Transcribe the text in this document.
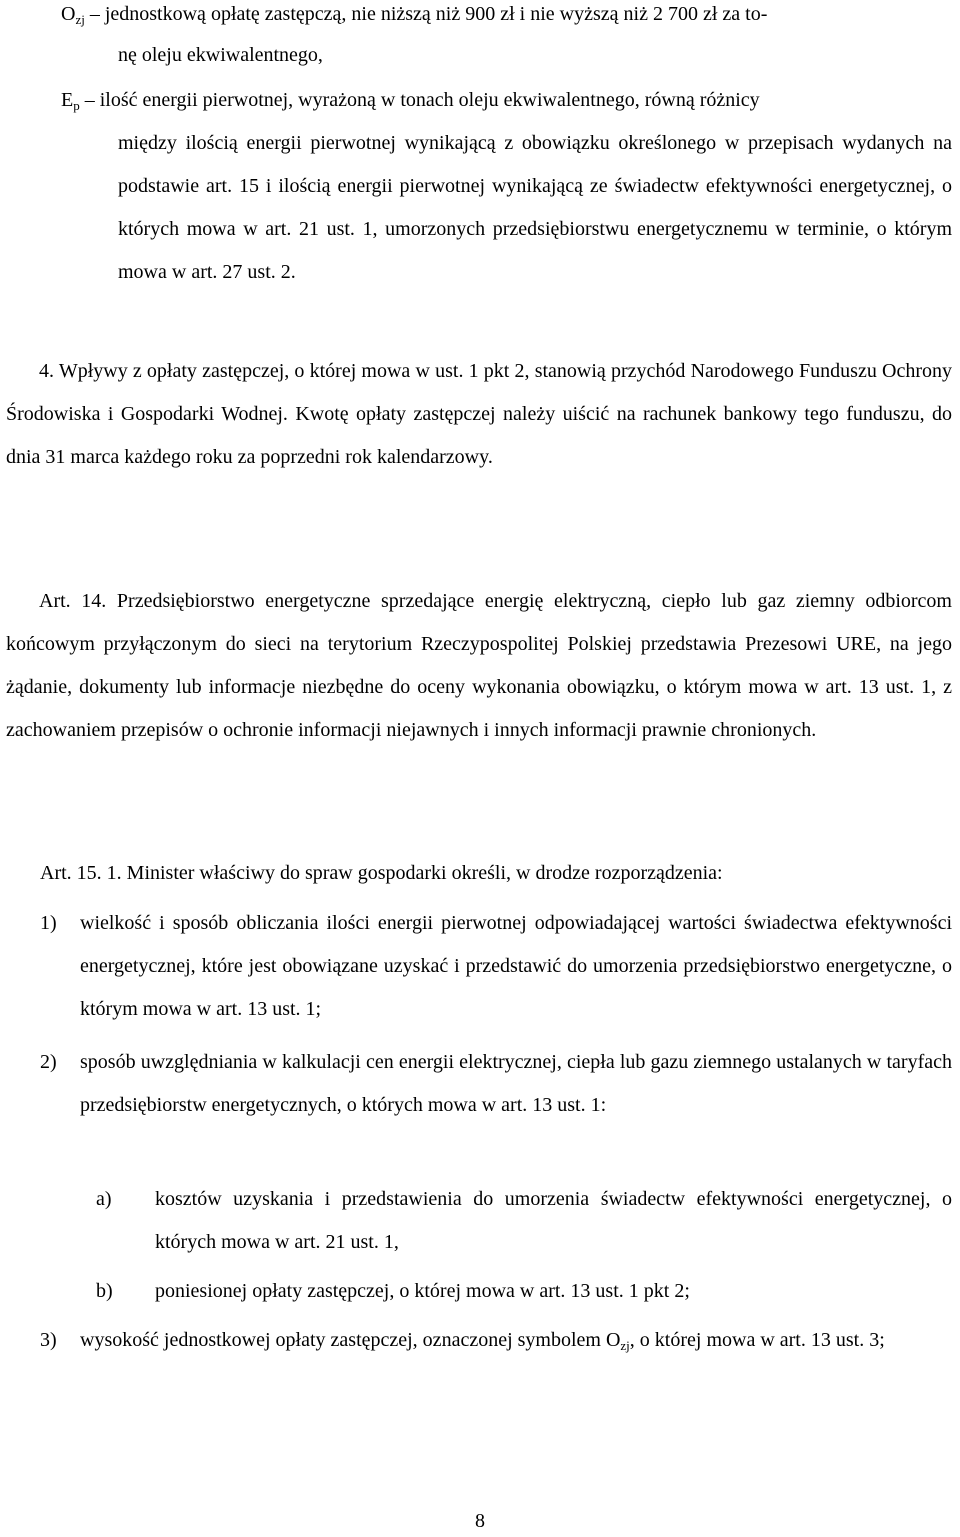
$O_{zj}$ – jednostkową opłatę zastępczą, nie niższą niż 900 zł i nie wyższą niż 2 700 zł za to-
nę oleju ekwiwalentnego,
$E_p$ – ilość energii pierwotnej, wyrażoną w tonach oleju ekwiwalentnego, równą różnicy
między ilością energii pierwotnej wynikającą z obowiązku określonego w przepisach wydanych na podstawie art. 15 i ilością energii pierwotnej wynikającą ze świadectw efektywności energetycznej, o których mowa w art. 21 ust. 1, umorzonych przedsiębiorstwu energetycznemu w terminie, o którym mowa w art. 27 ust. 2.
4. Wpływy z opłaty zastępczej, o której mowa w ust. 1 pkt 2, stanowią przychód Narodowego Funduszu Ochrony Środowiska i Gospodarki Wodnej. Kwotę opłaty zastępczej należy uiścić na rachunek bankowy tego funduszu, do dnia 31 marca każdego roku za poprzedni rok kalendarzowy.
Art. 14. Przedsiębiorstwo energetyczne sprzedające energię elektryczną, ciepło lub gaz ziemny odbiorcom końcowym przyłączonym do sieci na terytorium Rzeczypospolitej Polskiej przedstawia Prezesowi URE, na jego żądanie, dokumenty lub informacje niezbędne do oceny wykonania obowiązku, o którym mowa w art. 13 ust. 1, z zachowaniem przepisów o ochronie informacji niejawnych i innych informacji prawnie chronionych.
Art. 15. 1. Minister właściwy do spraw gospodarki określi, w drodze rozporządzenia:
1) wielkość i sposób obliczania ilości energii pierwotnej odpowiadającej wartości świadectwa efektywności energetycznej, które jest obowiązane uzyskać i przedstawić do umorzenia przedsiębiorstwo energetyczne, o którym mowa w art. 13 ust. 1;
2) sposób uwzględniania w kalkulacji cen energii elektrycznej, ciepła lub gazu ziemnego ustalanych w taryfach przedsiębiorstw energetycznych, o których mowa w art. 13 ust. 1:
a) kosztów uzyskania i przedstawienia do umorzenia świadectw efektywności energetycznej, o których mowa w art. 21 ust. 1,
b) poniesionej opłaty zastępczej, o której mowa w art. 13 ust. 1 pkt 2;
3) wysokość jednostkowej opłaty zastępczej, oznaczonej symbolem $O_{zj}$, o której mowa w art. 13 ust. 3;
8
